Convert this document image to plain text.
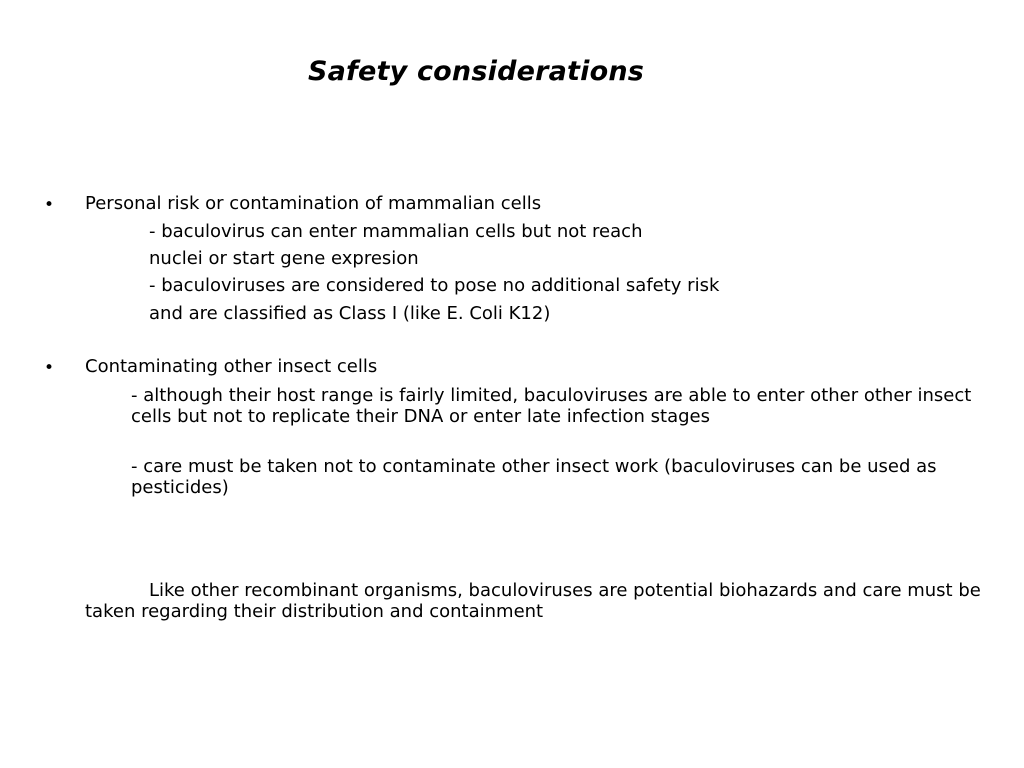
Safety considerations
• Personal risk or contamination of mammalian cells
- baculovirus can enter mammalian cells but not reach
nuclei or start gene expresion
- baculoviruses are considered to pose no additional safety risk
and are classified as Class I (like E. Coli K12)
• Contaminating other insect cells
- although their host range is fairly limited, baculoviruses are able to enter other other insect cells but not to replicate their DNA or enter late infection stages
- care must be taken not to contaminate other insect work (baculoviruses can be used as pesticides)
Like other recombinant organisms, baculoviruses are potential biohazards and care must be taken regarding their distribution and containment
